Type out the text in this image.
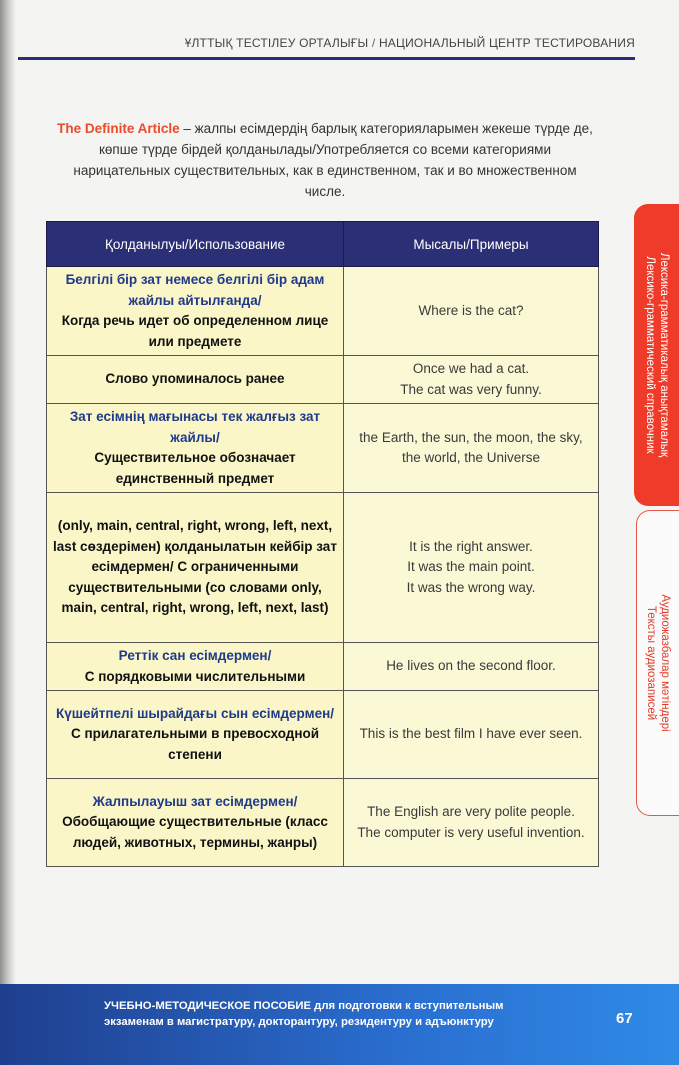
ҰЛТТЫҚ ТЕСТІЛЕУ ОРТАЛЫҒЫ / НАЦИОНАЛЬНЫЙ ЦЕНТР ТЕСТИРОВАНИЯ
The Definite Article – жалпы есімдердің барлық категорияларымен жекеше түрде де, көпше түрде бірдей қолданылады/Употребляется со всеми категориями нарицательных существительных, как в единственном, так и во множественном числе.
Қолданылуы/Использование	Мысалы/Примеры

Белгілі бір зат немесе белгілі бір адам жайлы айтылғанда/
Когда речь идет об определенном лице или предмете	Where is the cat?

Слово упоминалось ранее	Once we had a cat.
The cat was very funny.

Зат есімнің мағынасы тек жалғыз зат жайлы/
Существительное обозначает единственный предмет	the Earth, the sun, the moon, the sky, the world, the Universe

(only, main, central, right, wrong, left, next, last сөздерімен) қолданылатын кейбір зат есімдермен/ С ограниченными существительными (со словами only, main, central, right, wrong, left, next, last)	It is the right answer.
It was the main point.
It was the wrong way.

Реттік сан есімдермен/
С порядковыми числительными	He lives on the second floor.

Күшейтпелі шырайдағы сын есімдермен/
С прилагательными в превосходной степени	This is the best film I have ever seen.

Жалпылауыш зат есімдермен/
Обобщающие существительные (класс людей, животных, термины, жанры)	The English are very polite people.
The computer is very useful invention.
Лексика-грамматикалық анықтамалық
Лексико-грамматический справочник
Аудиожазбалар мәтіндері
Тексты аудиозаписей
УЧЕБНО-МЕТОДИЧЕСКОЕ ПОСОБИЕ для подготовки к вступительным
экзаменам в магистратуру, докторантуру, резидентуру и адъюнктуру	67
